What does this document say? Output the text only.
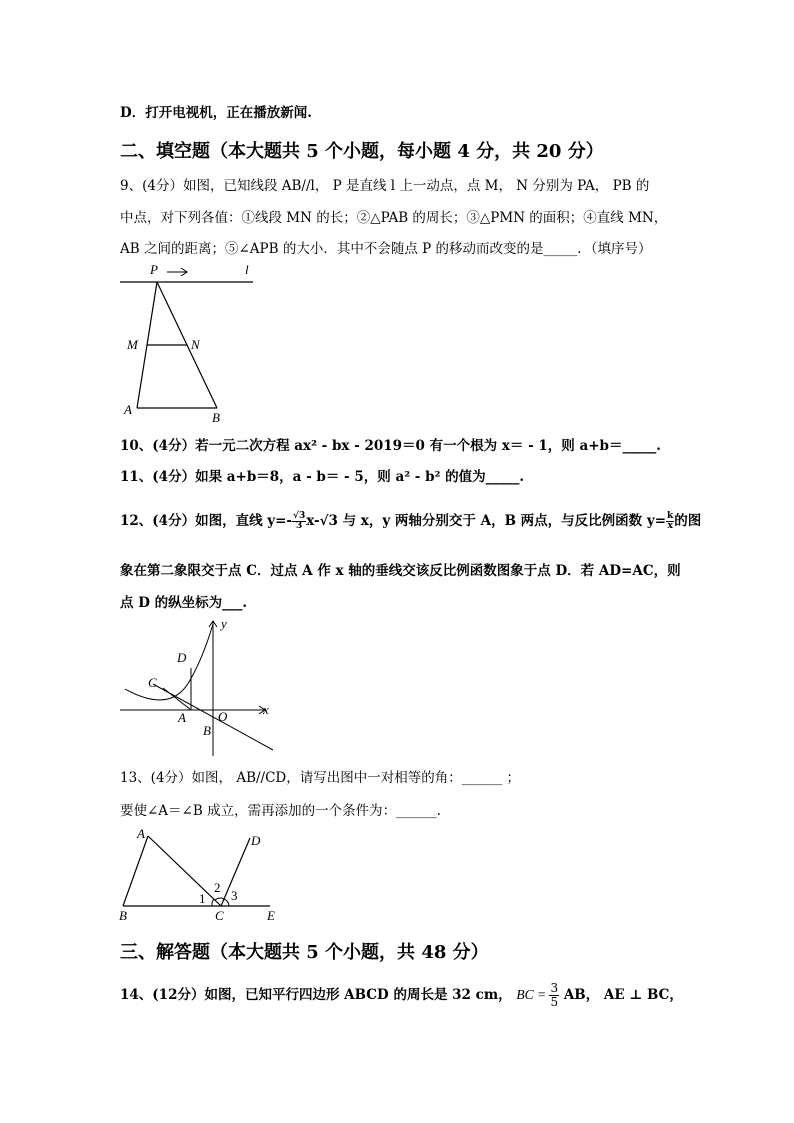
D．打开电视机，正在播放新闻.
二、填空题（本大题共 5 个小题，每小题 4 分，共 20 分）
9、(4分）如图，已知线段 AB//l， P 是直线 l 上一动点，点 M， N 分别为 PA， PB 的
中点，对下列各值：①线段 MN 的长；②△PAB 的周长；③△PMN 的面积；④直线 MN，
AB 之间的距离；⑤∠APB 的大小．其中不会随点 P 的移动而改变的是_____．（填序号）
P	l
M	N
A
B
10、(4分）若一元二次方程 ax² - bx - 2019＝0 有一个根为 x＝ - 1，则 a+b＝_____.
11、(4分）如果 a+b＝8，a - b＝ - 5，则 a² - b² 的值为_____.
12、(4分）如图，直线 $y=- \frac{√3}{3} x-√3$ 与 x，y 两轴分别交于 A，B 两点，与反比例函数 $y= \frac{k}{x}$ 的图
象在第二象限交于点 C．过点 A 作 x 轴的垂线交该反比例函数图象于点 D．若 AD=AC，则
点 D 的纵坐标为___.
y
x
D
C
A O
B
13、(4分）如图， AB//CD，请写出图中一对相等的角：______ ；
要使∠A＝∠B 成立，需再添加的一个条件为：______.
A	D
2
1 3
B	C	E
三、解答题（本大题共 5 个小题，共 48 分）
14、(12分）如图，已知平行四边形 ABCD 的周长是 32 cm， BC = $\frac{3}{5}$ AB， AE ⊥ BC，
